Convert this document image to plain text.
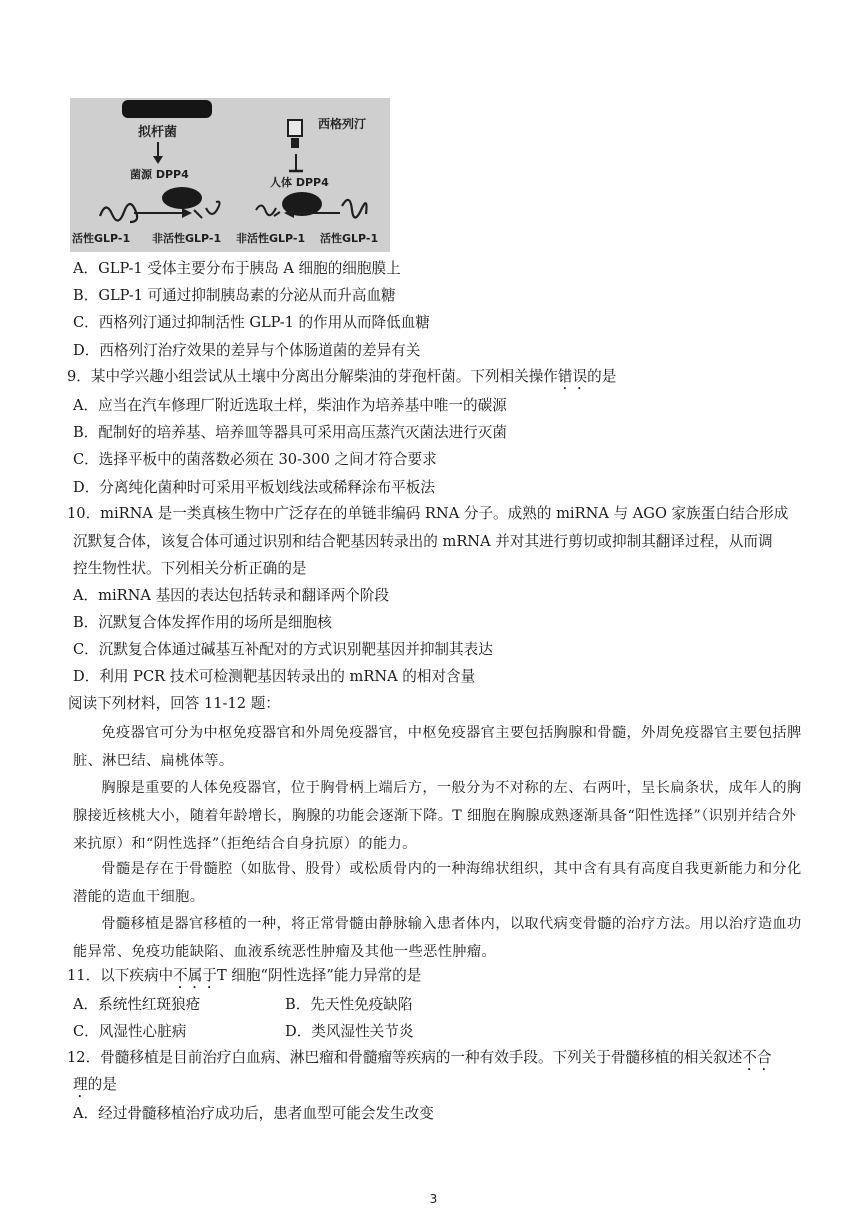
拟杆菌
菌源 DPP4
西格列汀
人体 DPP4
活性GLP-1 非活性GLP-1 非活性GLP-1 活性GLP-1
A．GLP-1 受体主要分布于胰岛 A 细胞的细胞膜上
B．GLP-1 可通过抑制胰岛素的分泌从而升高血糖
C．西格列汀通过抑制活性 GLP-1 的作用从而降低血糖
D．西格列汀治疗效果的差异与个体肠道菌的差异有关
9．某中学兴趣小组尝试从土壤中分离出分解柴油的芽孢杆菌。下列相关操作错误的是
A．应当在汽车修理厂附近选取土样，柴油作为培养基中唯一的碳源
B．配制好的培养基、培养皿等器具可采用高压蒸汽灭菌法进行灭菌
C．选择平板中的菌落数必须在 30-300 之间才符合要求
D．分离纯化菌种时可采用平板划线法或稀释涂布平板法
10．miRNA 是一类真核生物中广泛存在的单链非编码 RNA 分子。成熟的 miRNA 与 AGO 家族蛋白结合形成
沉默复合体，该复合体可通过识别和结合靶基因转录出的 mRNA 并对其进行剪切或抑制其翻译过程，从而调
控生物性状。下列相关分析正确的是
A．miRNA 基因的表达包括转录和翻译两个阶段
B．沉默复合体发挥作用的场所是细胞核
C．沉默复合体通过碱基互补配对的方式识别靶基因并抑制其表达
D．利用 PCR 技术可检测靶基因转录出的 mRNA 的相对含量
阅读下列材料，回答 11-12 题：
免疫器官可分为中枢免疫器官和外周免疫器官，中枢免疫器官主要包括胸腺和骨髓，外周免疫器官主要包括脾脏、淋巴结、扁桃体等。
胸腺是重要的人体免疫器官，位于胸骨柄上端后方，一般分为不对称的左、右两叶，呈长扁条状，成年人的胸腺接近核桃大小，随着年龄增长，胸腺的功能会逐渐下降。T 细胞在胸腺成熟逐渐具备“阳性选择”（识别并结合外来抗原）和“阴性选择”（拒绝结合自身抗原）的能力。
骨髓是存在于骨髓腔（如肱骨、股骨）或松质骨内的一种海绵状组织，其中含有具有高度自我更新能力和分化潜能的造血干细胞。
骨髓移植是器官移植的一种，将正常骨髓由静脉输入患者体内，以取代病变骨髓的治疗方法。用以治疗造血功能异常、免疫功能缺陷、血液系统恶性肿瘤及其他一些恶性肿瘤。
11．以下疾病中不属于T 细胞“阴性选择”能力异常的是
A．系统性红斑狼疮	B．先天性免疫缺陷
C．风湿性心脏病	D．类风湿性关节炎
12．骨髓移植是目前治疗白血病、淋巴瘤和骨髓瘤等疾病的一种有效手段。下列关于骨髓移植的相关叙述不合
理的是
A．经过骨髓移植治疗成功后，患者血型可能会发生改变
3
